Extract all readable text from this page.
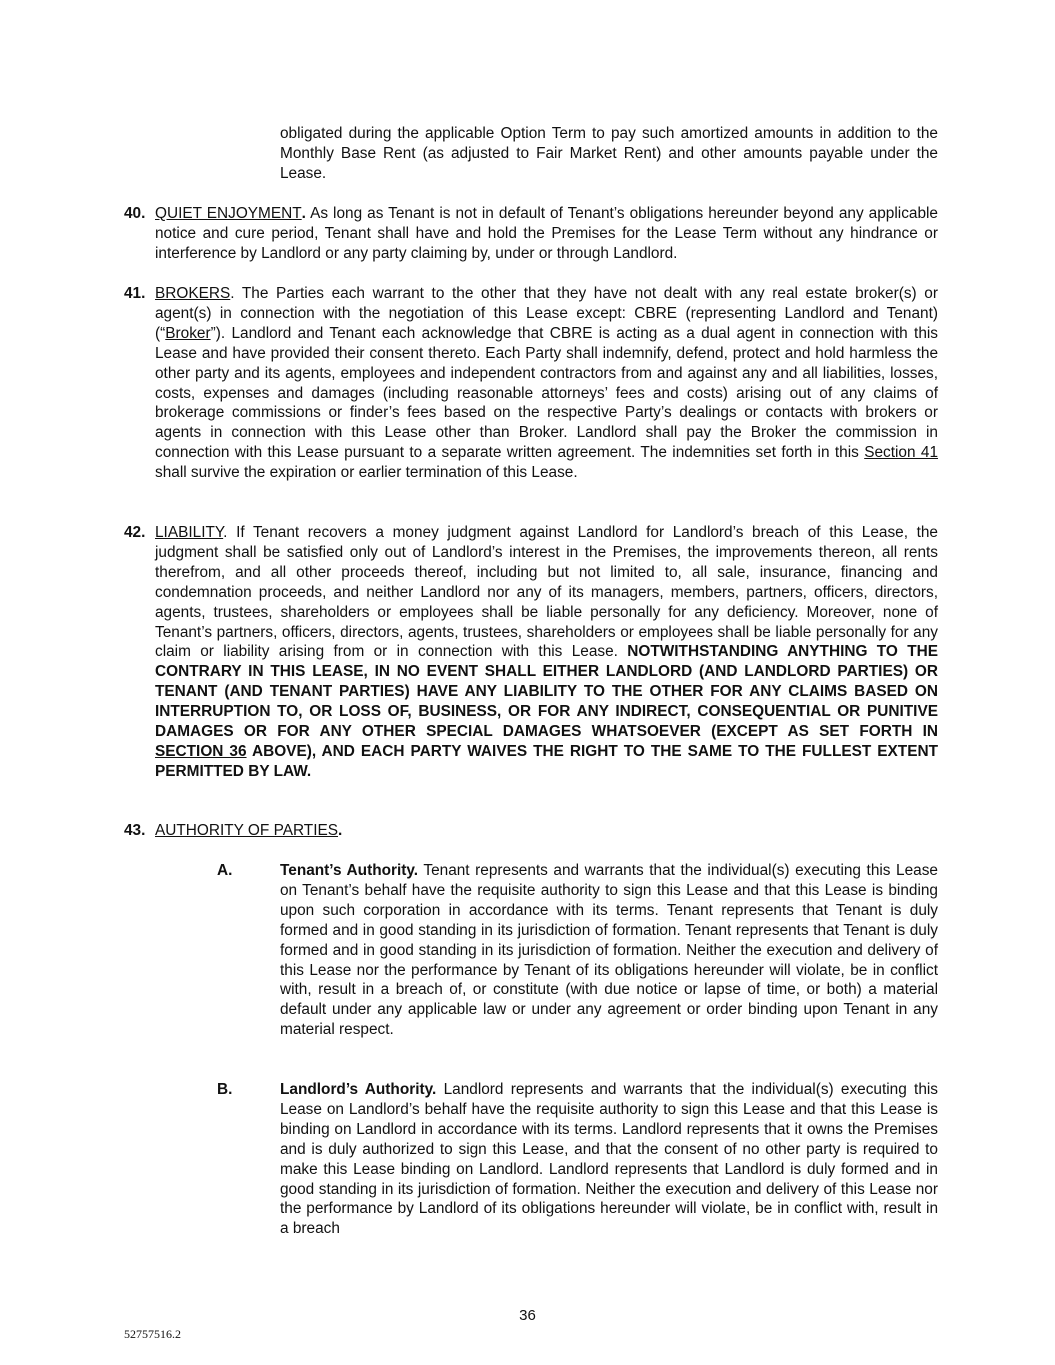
obligated during the applicable Option Term to pay such amortized amounts in addition to the Monthly Base Rent (as adjusted to Fair Market Rent) and other amounts payable under the Lease.

40. QUIET ENJOYMENT. As long as Tenant is not in default of Tenant’s obligations hereunder beyond any applicable notice and cure period, Tenant shall have and hold the Premises for the Lease Term without any hindrance or interference by Landlord or any party claiming by, under or through Landlord.

41. BROKERS. The Parties each warrant to the other that they have not dealt with any real estate broker(s) or agent(s) in connection with the negotiation of this Lease except: CBRE (representing Landlord and Tenant) (“Broker”). Landlord and Tenant each acknowledge that CBRE is acting as a dual agent in connection with this Lease and have provided their consent thereto. Each Party shall indemnify, defend, protect and hold harmless the other party and its agents, employees and independent contractors from and against any and all liabilities, losses, costs, expenses and damages (including reasonable attorneys’ fees and costs) arising out of any claims of brokerage commissions or finder’s fees based on the respective Party’s dealings or contacts with brokers or agents in connection with this Lease other than Broker. Landlord shall pay the Broker the commission in connection with this Lease pursuant to a separate written agreement. The indemnities set forth in this Section 41 shall survive the expiration or earlier termination of this Lease.

42. LIABILITY. If Tenant recovers a money judgment against Landlord for Landlord’s breach of this Lease, the judgment shall be satisfied only out of Landlord’s interest in the Premises, the improvements thereon, all rents therefrom, and all other proceeds thereof, including but not limited to, all sale, insurance, financing and condemnation proceeds, and neither Landlord nor any of its managers, members, partners, officers, directors, agents, trustees, shareholders or employees shall be liable personally for any deficiency. Moreover, none of Tenant’s partners, officers, directors, agents, trustees, shareholders or employees shall be liable personally for any claim or liability arising from or in connection with this Lease. NOTWITHSTANDING ANYTHING TO THE CONTRARY IN THIS LEASE, IN NO EVENT SHALL EITHER LANDLORD (AND LANDLORD PARTIES) OR TENANT (AND TENANT PARTIES) HAVE ANY LIABILITY TO THE OTHER FOR ANY CLAIMS BASED ON INTERRUPTION TO, OR LOSS OF, BUSINESS, OR FOR ANY INDIRECT, CONSEQUENTIAL OR PUNITIVE DAMAGES OR FOR ANY OTHER SPECIAL DAMAGES WHATSOEVER (EXCEPT AS SET FORTH IN SECTION 36 ABOVE), AND EACH PARTY WAIVES THE RIGHT TO THE SAME TO THE FULLEST EXTENT PERMITTED BY LAW.

43. AUTHORITY OF PARTIES.

A.	Tenant’s Authority. Tenant represents and warrants that the individual(s) executing this Lease on Tenant’s behalf have the requisite authority to sign this Lease and that this Lease is binding upon such corporation in accordance with its terms. Tenant represents that Tenant is duly formed and in good standing in its jurisdiction of formation. Tenant represents that Tenant is duly formed and in good standing in its jurisdiction of formation. Neither the execution and delivery of this Lease nor the performance by Tenant of its obligations hereunder will violate, be in conflict with, result in a breach of, or constitute (with due notice or lapse of time, or both) a material default under any applicable law or under any agreement or order binding upon Tenant in any material respect.

B.	Landlord’s Authority. Landlord represents and warrants that the individual(s) executing this Lease on Landlord’s behalf have the requisite authority to sign this Lease and that this Lease is binding on Landlord in accordance with its terms. Landlord represents that it owns the Premises and is duly authorized to sign this Lease, and that the consent of no other party is required to make this Lease binding on Landlord. Landlord represents that Landlord is duly formed and in good standing in its jurisdiction of formation. Neither the execution and delivery of this Lease nor the performance by Landlord of its obligations hereunder will violate, be in conflict with, result in a breach

36
52757516.2
